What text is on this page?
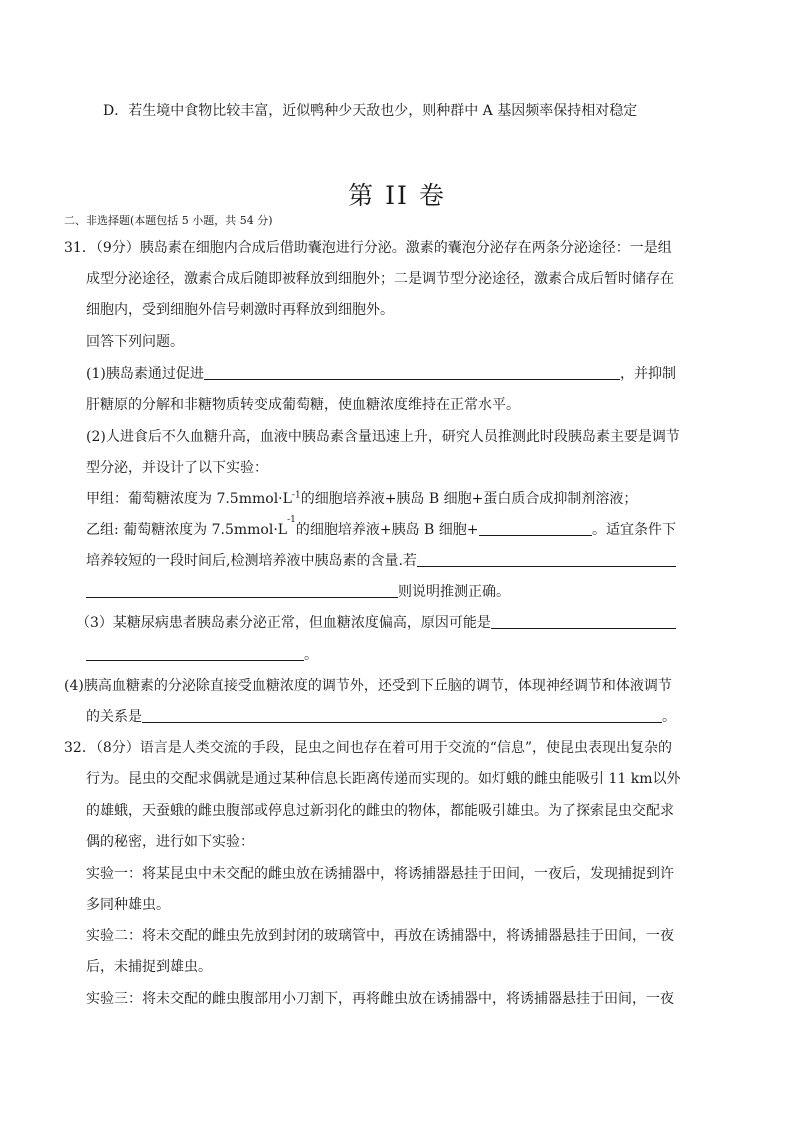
D．若生境中食物比较丰富，近似鸭种少天敌也少，则种群中 A 基因频率保持相对稳定
第 II 卷
二、非选择题(本题包括 5 小题，共 54 分)
31．（9分）胰岛素在细胞内合成后借助囊泡进行分泌。激素的囊泡分泌存在两条分泌途径：一是组
成型分泌途径，激素合成后随即被释放到细胞外；二是调节型分泌途径，激素合成后暂时储存在
细胞内，受到细胞外信号刺激时再释放到细胞外。
回答下列问题。
(1)胰岛素通过促进	，并抑制
肝糖原的分解和非糖物质转变成葡萄糖，使血糖浓度维持在正常水平。
(2)人进食后不久血糖升高，血液中胰岛素含量迅速上升，研究人员推测此时段胰岛素主要是调节
型分泌，并设计了以下实验：
甲组：葡萄糖浓度为 $7.5mmol\cdot L^{-1}$的细胞培养液+胰岛 B 细胞+蛋白质合成抑制剂溶液；
乙组: 葡萄糖浓度为 7.5mmol·L
-1
的细胞培养液+胰岛 B 细胞+	。适宜条件下
培养较短的一段时间后,检测培养液中胰岛素的含量.若
则说明推测正确。
（3）某糖尿病患者胰岛素分泌正常，但血糖浓度偏高，原因可能是
。
(4)胰高血糖素的分泌除直接受血糖浓度的调节外，还受到下丘脑的调节，体现神经调节和体液调节
的关系是	。
32．（8分）语言是人类交流的手段，昆虫之间也存在着可用于交流的“信息”，使昆虫表现出复杂的
行为。昆虫的交配求偶就是通过某种信息长距离传递而实现的。如灯蛾的雌虫能吸引 11 km以外
的雄蛾，天蚕蛾的雌虫腹部或停息过新羽化的雌虫的物体，都能吸引雄虫。为了探索昆虫交配求
偶的秘密，进行如下实验：
实验一：将某昆虫中未交配的雌虫放在诱捕器中，将诱捕器悬挂于田间，一夜后，发现捕捉到许
多同种雄虫。
实验二：将未交配的雌虫先放到封闭的玻璃管中，再放在诱捕器中，将诱捕器悬挂于田间，一夜
后，未捕捉到雄虫。
实验三：将未交配的雌虫腹部用小刀割下，再将雌虫放在诱捕器中，将诱捕器悬挂于田间，一夜
